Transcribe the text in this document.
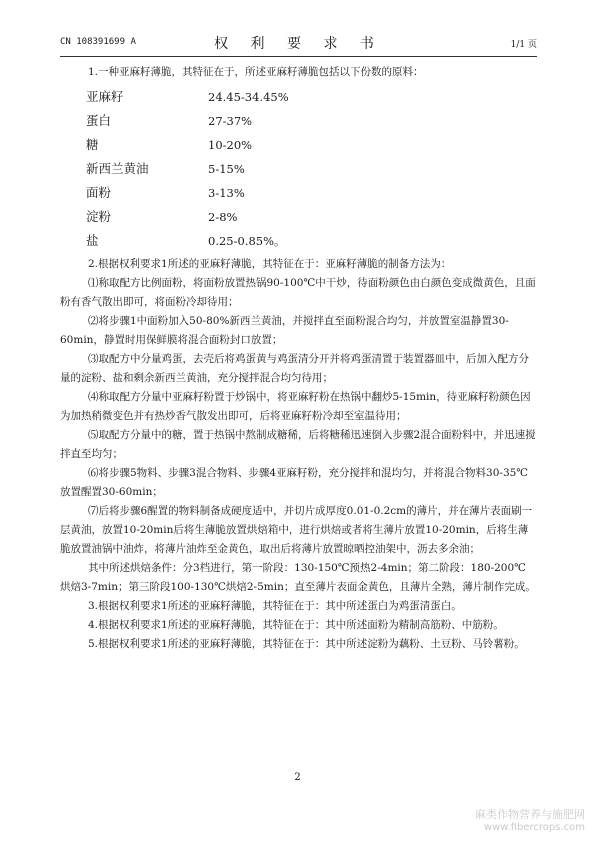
CN 108391699 A	权 利 要 求 书	1/1 页

1.一种亚麻籽薄脆，其特征在于，所述亚麻籽薄脆包括以下份数的原料：

亚麻籽	24.45-34.45%
蛋白	27-37%
糖	10-20%
新西兰黄油	5-15%
面粉	3-13%
淀粉	2-8%
盐	0.25-0.85%。

2.根据权利要求1所述的亚麻籽薄脆，其特征在于：亚麻籽薄脆的制备方法为：

⑴称取配方比例面粉，将面粉放置热锅90-100℃中干炒，待面粉颜色由白颜色变成微黄色，且面粉有香气散出即可，将面粉冷却待用；

⑵将步骤1中面粉加入50-80%新西兰黄油，并搅拌直至面粉混合均匀，并放置室温静置30-60min，静置时用保鲜膜将混合面粉封口放置；

⑶取配方中分量鸡蛋，去壳后将鸡蛋黄与鸡蛋清分开并将鸡蛋清置于装置器皿中，后加入配方分量的淀粉、盐和剩余新西兰黄油，充分搅拌混合均匀待用；

⑷称取配方分量中亚麻籽粉置于炒锅中，将亚麻籽粉在热锅中翻炒5-15min，待亚麻籽粉颜色因为加热稍微变色并有热炒香气散发出即可，后将亚麻籽粉冷却至室温待用；

⑸取配方分量中的糖，置于热锅中熬制成糖稀，后将糖稀迅速倒入步骤2混合面粉料中，并迅速搅拌直至均匀；

⑹将步骤5物料、步骤3混合物料、步骤4亚麻籽粉，充分搅拌和混均匀，并将混合物料30-35℃放置醒置30-60min；

⑺后将步骤6醒置的物料制备成硬度适中，并切片成厚度0.01-0.2cm的薄片，并在薄片表面刷一层黄油，放置10-20min后将生薄脆放置烘焙箱中，进行烘焙或者将生薄片放置10-20min，后将生薄脆放置油锅中油炸，将薄片油炸至金黄色，取出后将薄片放置晾晒控油架中，沥去多余油；

其中所述烘焙条件：分3档进行，第一阶段：130-150℃预热2-4min；第二阶段：180-200℃烘焙3-7min；第三阶段100-130℃烘焙2-5min；直至薄片表面金黄色，且薄片全熟，薄片制作完成。

3.根据权利要求1所述的亚麻籽薄脆，其特征在于：其中所述蛋白为鸡蛋清蛋白。

4.根据权利要求1所述的亚麻籽薄脆，其特征在于：其中所述面粉为精制高筋粉、中筋粉。

5.根据权利要求1所述的亚麻籽薄脆，其特征在于：其中所述淀粉为藕粉、土豆粉、马铃薯粉。

2
麻类作物营养与施肥网
www.fibercrops.com
